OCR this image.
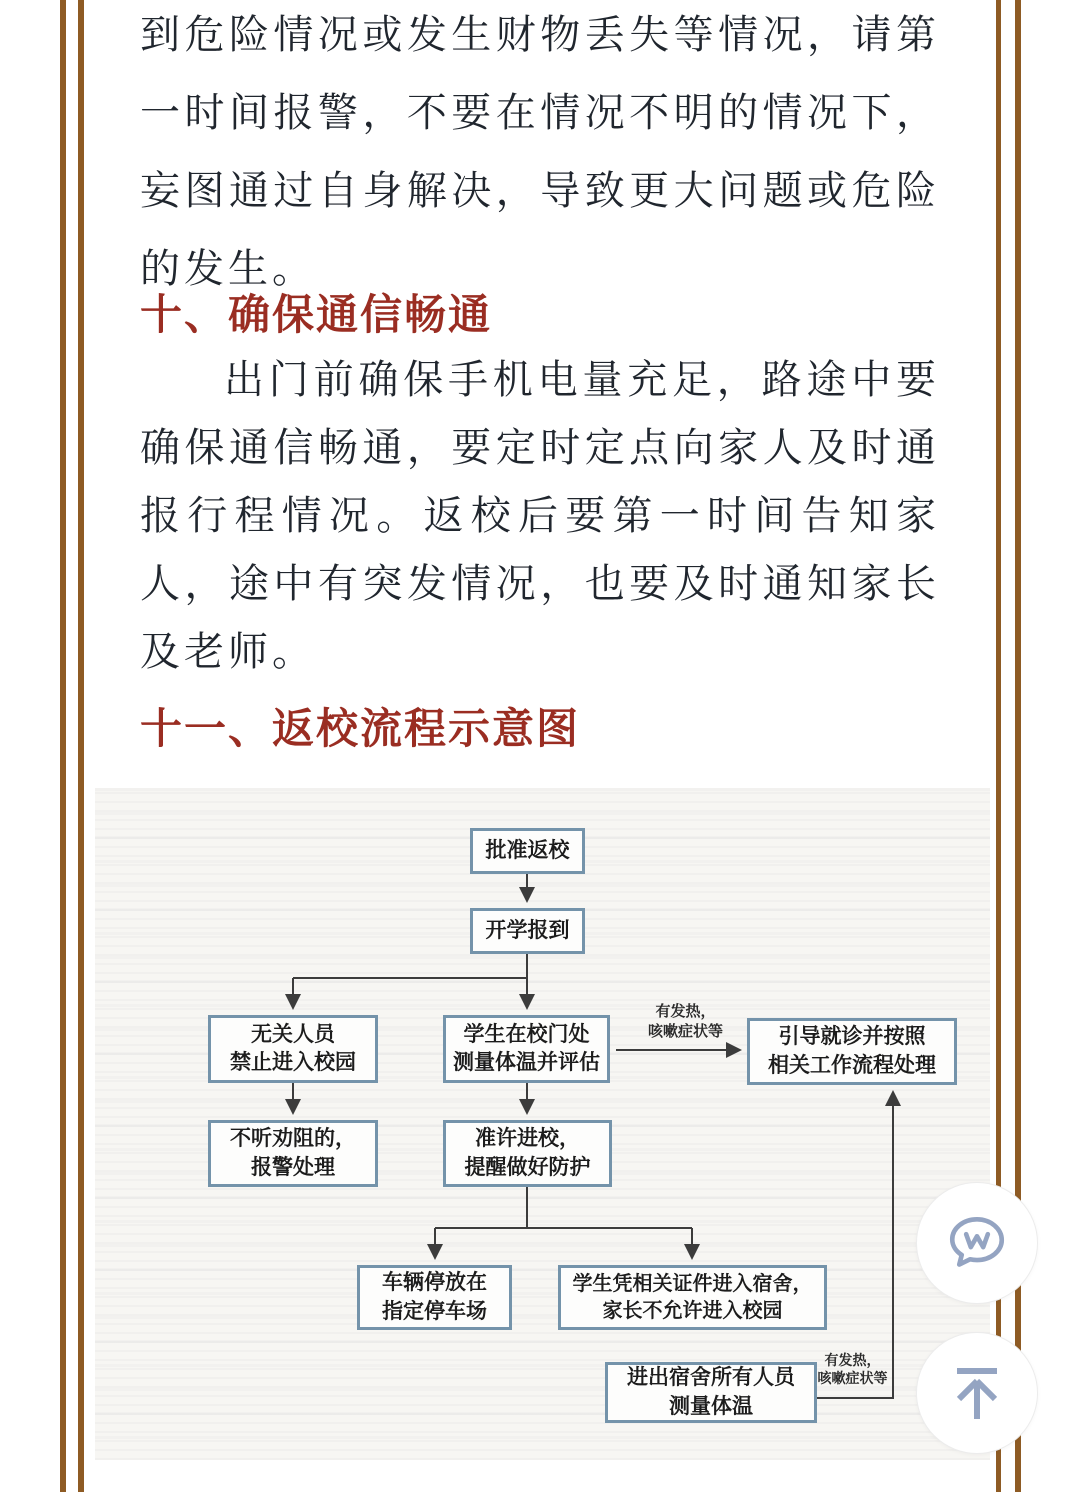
到危险情况或发生财物丢失等情况，请第一时间报警，不要在情况不明的情况下，妄图通过自身解决，导致更大问题或危险的发生。
十、确保通信畅通
出门前确保手机电量充足，路途中要确保通信畅通，要定时定点向家人及时通报行程情况。返校后要第一时间告知家人，途中有突发情况，也要及时通知家长及老师。
十一、返校流程示意图
批准返校
开学报到
无关人员
禁止进入校园
学生在校门处
测量体温并评估
引导就诊并按照
相关工作流程处理
不听劝阻的，
报警处理
准许进校，
提醒做好防护
车辆停放在
指定停车场
学生凭相关证件进入宿舍，
家长不允许进入校园
进出宿舍所有人员
测量体温
有发热，
咳嗽症状等
有发热，
咳嗽症状等
